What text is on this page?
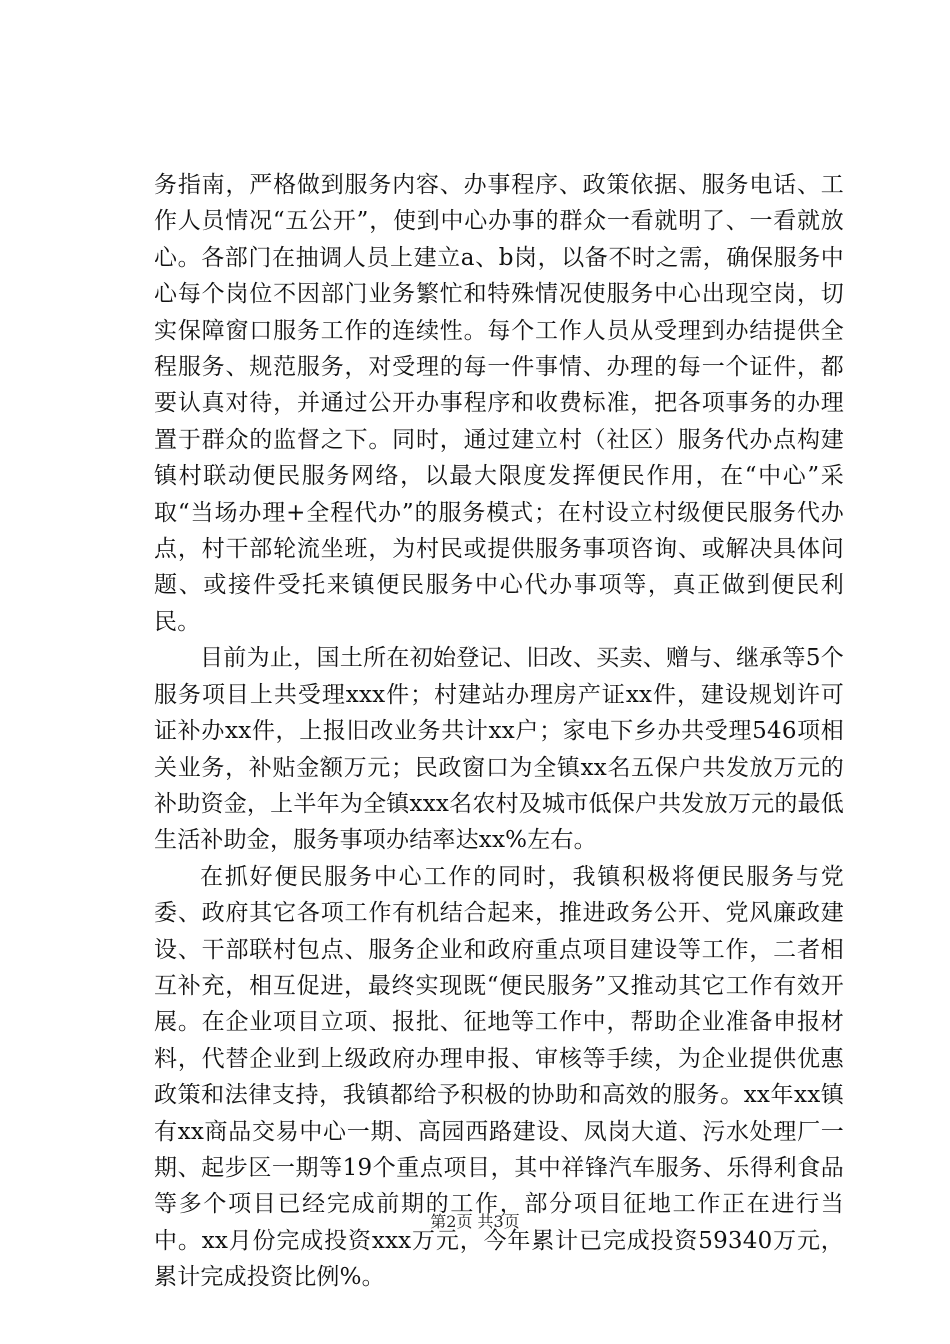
务指南，严格做到服务内容、办事程序、政策依据、服务电话、工作人员情况“五公开”，使到中心办事的群众一看就明了、一看就放心。各部门在抽调人员上建立a、b岗，以备不时之需，确保服务中心每个岗位不因部门业务繁忙和特殊情况使服务中心出现空岗，切实保障窗口服务工作的连续性。每个工作人员从受理到办结提供全程服务、规范服务，对受理的每一件事情、办理的每一个证件，都要认真对待，并通过公开办事程序和收费标准，把各项事务的办理置于群众的监督之下。同时，通过建立村（社区）服务代办点构建镇村联动便民服务网络，以最大限度发挥便民作用，在“中心”采取“当场办理+全程代办”的服务模式；在村设立村级便民服务代办点，村干部轮流坐班，为村民或提供服务事项咨询、或解决具体问题、或接件受托来镇便民服务中心代办事项等，真正做到便民利民。

目前为止，国土所在初始登记、旧改、买卖、赠与、继承等5个服务项目上共受理xxx件；村建站办理房产证xx件，建设规划许可证补办xx件，上报旧改业务共计xx户；家电下乡办共受理546项相关业务，补贴金额万元；民政窗口为全镇xx名五保户共发放万元的补助资金，上半年为全镇xxx名农村及城市低保户共发放万元的最低生活补助金，服务事项办结率达xx%左右。

在抓好便民服务中心工作的同时，我镇积极将便民服务与党委、政府其它各项工作有机结合起来，推进政务公开、党风廉政建设、干部联村包点、服务企业和政府重点项目建设等工作，二者相互补充，相互促进，最终实现既“便民服务”又推动其它工作有效开展。在企业项目立项、报批、征地等工作中，帮助企业准备申报材料，代替企业到上级政府办理申报、审核等手续，为企业提供优惠政策和法律支持，我镇都给予积极的协助和高效的服务。xx年xx镇有xx商品交易中心一期、高园西路建设、凤岗大道、污水处理厂一期、起步区一期等19个重点项目，其中祥锋汽车服务、乐得利食品等多个项目已经完成前期的工作，部分项目征地工作正在进行当中。xx月份完成投资xxx万元，今年累计已完成投资59340万元，累计完成投资比例%。

第2页 共3页
